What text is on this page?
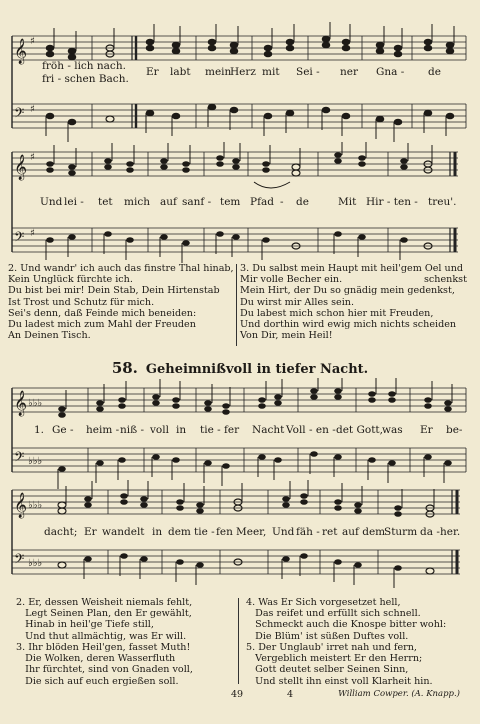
𝄞 ♯
𝄢 ♯
fröh - lich nach.
fri - schen Bach.
Er labt mein
Herz mit Sei - ner Gna - de
𝄞 ♯
𝄢 ♯
Und lei - tet mich auf sanf - tem Pfad - de	Mit Hir - ten - treu'.
2. Und wandr' ich auch das finstre Thal hinab,
Kein Unglück fürchte ich.
Du bist bei mir! Dein Stab, Dein Hirtenstab
Ist Trost und Schutz für mich.
Sei's denn, daß Feinde mich beneiden:
Du ladest mich zum Mahl der Freuden
An Deinen Tisch.
3. Du salbst mein Haupt mit heil'gem Oel und
Mir volle Becher ein.
Mein Hirt, der Du so gnädig mein gedenkst,
Du wirst mir Alles sein.
Du labest mich schon hier mit Freuden,
Und dorthin wird ewig mich nichts scheiden
Von Dir, mein Heil!
schenkst
58. Geheimnißvoll in tiefer Nacht.
𝄞 ♭♭♭
𝄢 ♭♭♭
1. Ge - heim - niß - voll in tie - fer Nacht Voll - en - det Gott, was Er be-
𝄞 ♭♭♭
𝄢 ♭♭♭
dacht; Er wandelt in dem tie - fen Meer, Und fäh - ret auf dem
Sturm da - her.
2. Er, dessen Weisheit niemals fehlt,
Legt Seinen Plan, den Er gewählt,
Hinab in heil'ge Tiefe still,
Und thut allmächtig, was Er will.
4. Was Er Sich vorgesetzet hell,
Das reifet und erfüllt sich schnell.
Schmeckt auch die Knospe bitter wohl:
Die Blüm' ist süßen Duftes voll.
3. Ihr blöden Heil'gen, fasset Muth!
Die Wolken, deren Wasserfluth
Ihr fürchtet, sind von Gnaden voll,
Die sich auf euch ergießen soll.
5. Der Unglaub' irret nah und fern,
Vergeblich meistert Er den Herrn;
Gott deutet selber Seinen Sinn,
Und stellt ihn einst voll Klarheit hin.
49	4	William Cowper. (A. Knapp.)
